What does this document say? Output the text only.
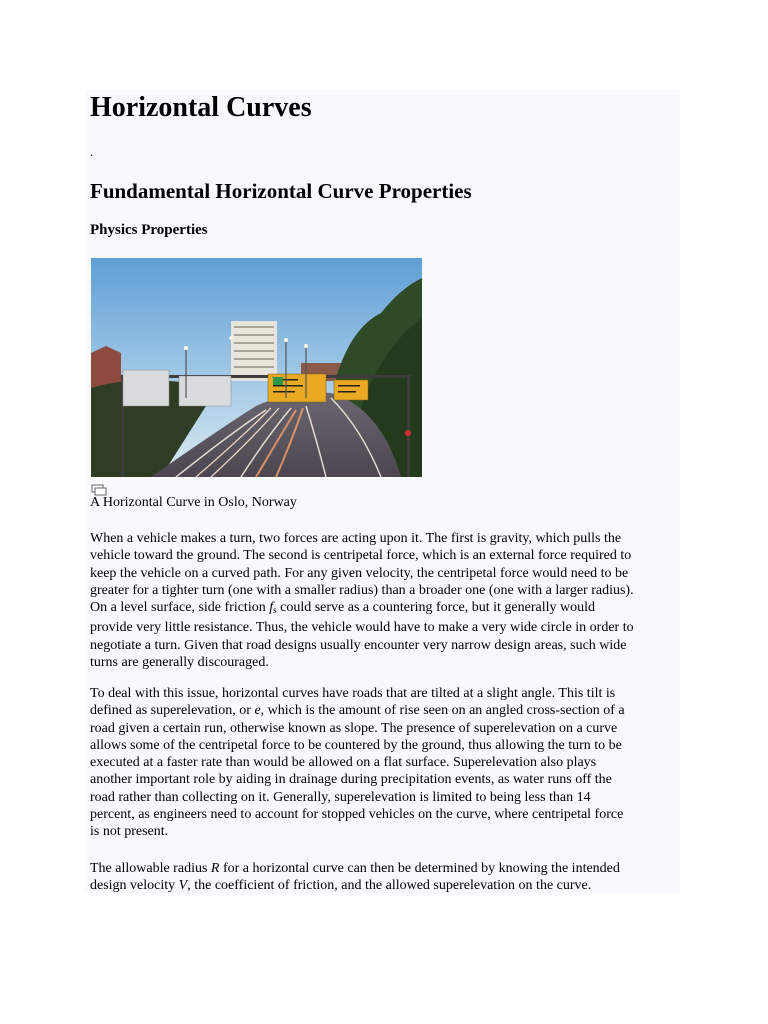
Horizontal Curves
.
Fundamental Horizontal Curve Properties
Physics Properties
A Horizontal Curve in Oslo, Norway

When a vehicle makes a turn, two forces are acting upon it. The first is gravity, which pulls the
vehicle toward the ground. The second is centripetal force, which is an external force required to
keep the vehicle on a curved path. For any given velocity, the centripetal force would need to be
greater for a tighter turn (one with a smaller radius) than a broader one (one with a larger radius).
On a level surface, side friction $f_s$ could serve as a countering force, but it generally would
provide very little resistance. Thus, the vehicle would have to make a very wide circle in order to
negotiate a turn. Given that road designs usually encounter very narrow design areas, such wide
turns are generally discouraged.

To deal with this issue, horizontal curves have roads that are tilted at a slight angle. This tilt is
defined as superelevation, or e, which is the amount of rise seen on an angled cross-section of a
road given a certain run, otherwise known as slope. The presence of superelevation on a curve
allows some of the centripetal force to be countered by the ground, thus allowing the turn to be
executed at a faster rate than would be allowed on a flat surface. Superelevation also plays
another important role by aiding in drainage during precipitation events, as water runs off the
road rather than collecting on it. Generally, superelevation is limited to being less than 14
percent, as engineers need to account for stopped vehicles on the curve, where centripetal force
is not present.

The allowable radius R for a horizontal curve can then be determined by knowing the intended
design velocity V, the coefficient of friction, and the allowed superelevation on the curve.
